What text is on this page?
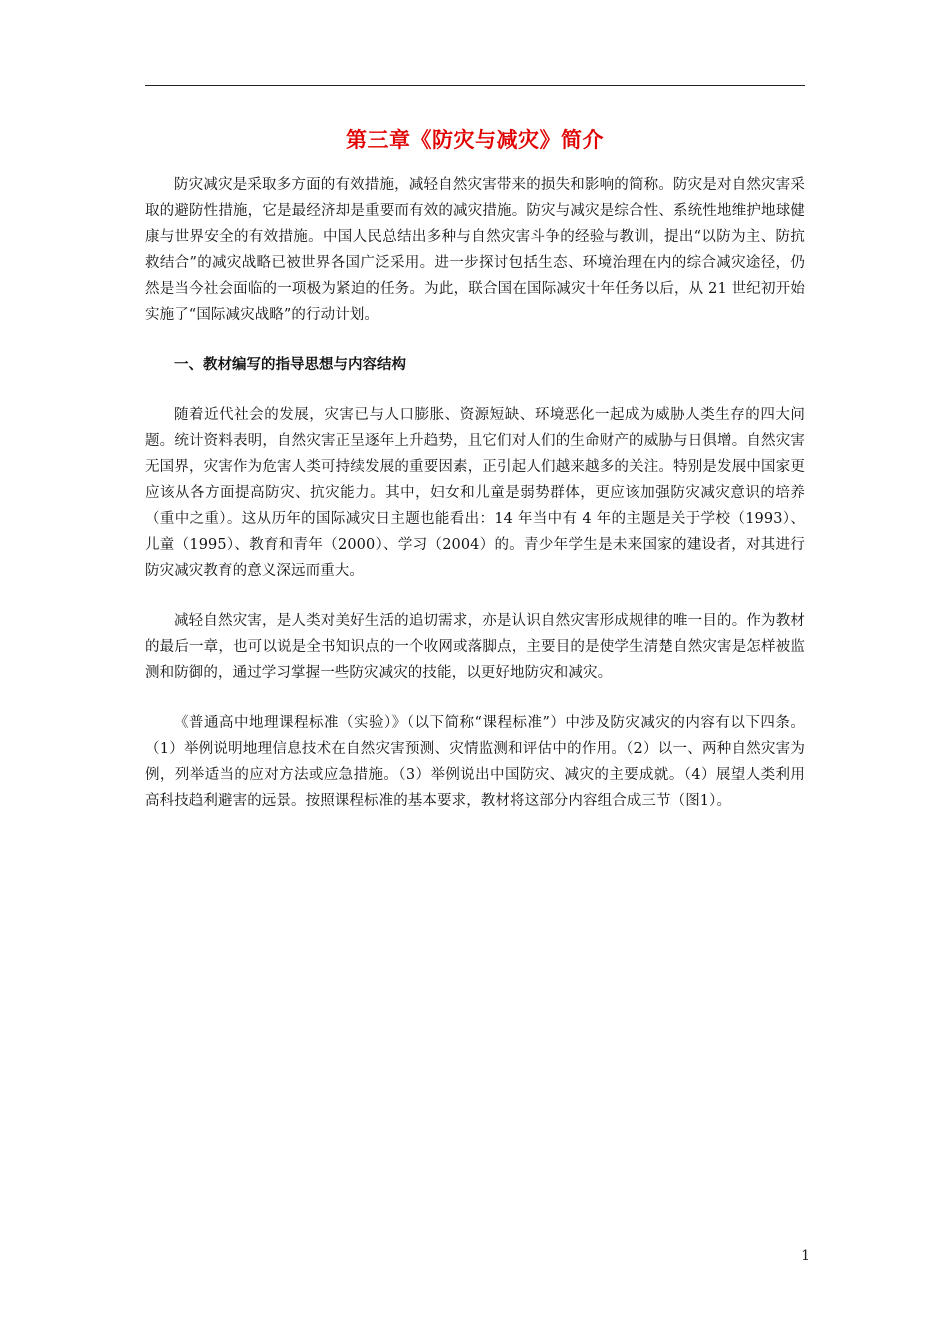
第三章《防灾与减灾》简介

防灾减灾是采取多方面的有效措施，减轻自然灾害带来的损失和影响的简称。防灾是对自然灾害采取的避防性措施，它是最经济却是重要而有效的减灾措施。防灾与减灾是综合性、系统性地维护地球健康与世界安全的有效措施。中国人民总结出多种与自然灾害斗争的经验与教训，提出“以防为主、防抗救结合”的减灾战略已被世界各国广泛采用。进一步探讨包括生态、环境治理在内的综合减灾途径，仍然是当今社会面临的一项极为紧迫的任务。为此，联合国在国际减灾十年任务以后，从 21 世纪初开始实施了“国际减灾战略”的行动计划。

一、教材编写的指导思想与内容结构

随着近代社会的发展，灾害已与人口膨胀、资源短缺、环境恶化一起成为威胁人类生存的四大问题。统计资料表明，自然灾害正呈逐年上升趋势，且它们对人们的生命财产的威胁与日俱增。自然灾害无国界，灾害作为危害人类可持续发展的重要因素，正引起人们越来越多的关注。特别是发展中国家更应该从各方面提高防灾、抗灾能力。其中，妇女和儿童是弱势群体，更应该加强防灾减灾意识的培养（重中之重）。这从历年的国际减灾日主题也能看出：14 年当中有 4 年的主题是关于学校（1993）、儿童（1995）、教育和青年（2000）、学习（2004）的。青少年学生是未来国家的建设者，对其进行防灾减灾教育的意义深远而重大。

减轻自然灾害，是人类对美好生活的追切需求，亦是认识自然灾害形成规律的唯一目的。作为教材的最后一章，也可以说是全书知识点的一个收网或落脚点，主要目的是使学生清楚自然灾害是怎样被监测和防御的，通过学习掌握一些防灾减灾的技能，以更好地防灾和减灾。

《普通高中地理课程标准（实验）》（以下简称“课程标准”）中涉及防灾减灾的内容有以下四条。（1）举例说明地理信息技术在自然灾害预测、灾情监测和评估中的作用。（2）以一、两种自然灾害为例，列举适当的应对方法或应急措施。（3）举例说出中国防灾、减灾的主要成就。（4）展望人类利用高科技趋利避害的远景。按照课程标准的基本要求，教材将这部分内容组合成三节（图1）。

1
